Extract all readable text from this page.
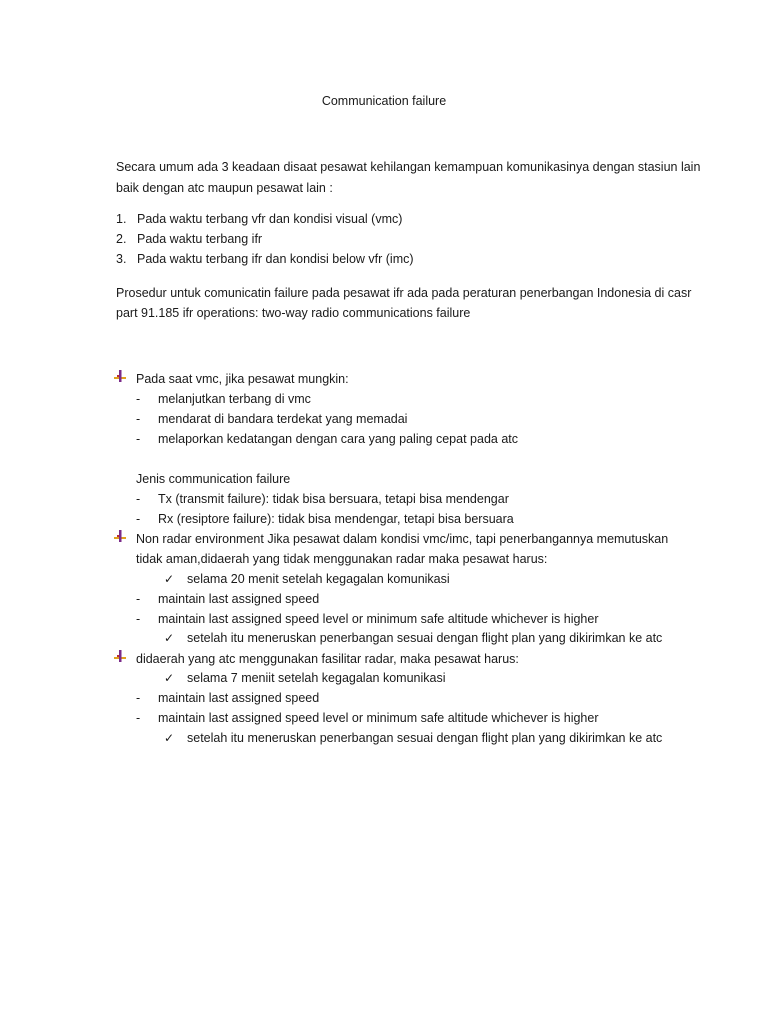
Communication failure
Secara umum ada 3 keadaan disaat pesawat kehilangan kemampuan komunikasinya dengan stasiun lain
baik dengan atc maupun pesawat lain :
1. Pada waktu terbang vfr dan kondisi visual (vmc)
2. Pada waktu terbang ifr
3. Pada waktu terbang ifr dan kondisi below vfr (imc)
Prosedur untuk comunicatin failure pada pesawat ifr ada pada peraturan penerbangan Indonesia di casr
part 91.185 ifr operations: two-way radio communications failure
Pada saat vmc, jika pesawat mungkin:
- melanjutkan terbang di vmc
- mendarat di bandara terdekat yang memadai
- melaporkan kedatangan dengan cara yang paling cepat pada atc
Jenis communication failure
- Tx (transmit failure): tidak bisa bersuara, tetapi bisa mendengar
- Rx (resiptore failure): tidak bisa mendengar, tetapi bisa bersuara
Non radar environment Jika pesawat dalam kondisi vmc/imc, tapi penerbangannya memutuskan
tidak aman,didaerah yang tidak menggunakan radar maka pesawat harus:
✓ selama 20 menit setelah kegagalan komunikasi
- maintain last assigned speed
- maintain last assigned speed level or minimum safe altitude whichever is higher
✓ setelah itu meneruskan penerbangan sesuai dengan flight plan yang dikirimkan ke atc
didaerah yang atc menggunakan fasilitar radar, maka pesawat harus:
✓ selama 7 meniit setelah kegagalan komunikasi
- maintain last assigned speed
- maintain last assigned speed level or minimum safe altitude whichever is higher
✓ setelah itu meneruskan penerbangan sesuai dengan flight plan yang dikirimkan ke atc
